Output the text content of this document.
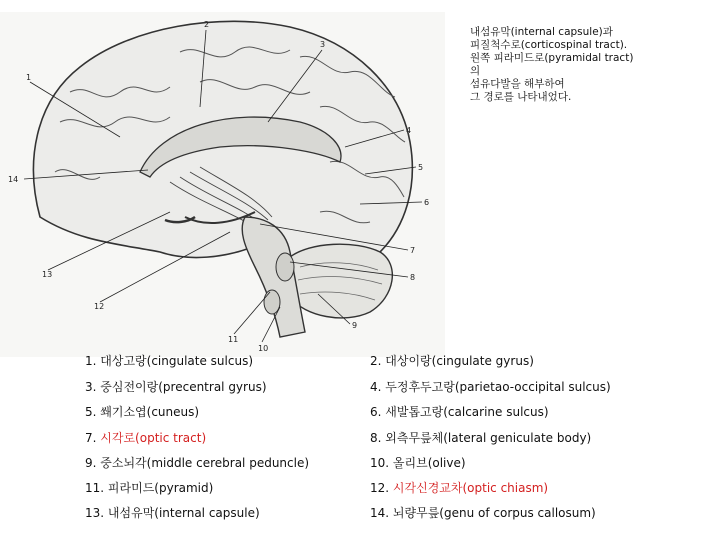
1
2
3
4
5
6
7
8
9
10
11
12
13
14
내섬유막(internal capsule)과
피질척수로(corticospinal tract).
원쪽 피라미드로(pyramidal tract)
의
섬유다발을 해부하여
그 경로를 나타내었다.
1. 대상고랑(cingulate sulcus)	2. 대상이랑(cingulate gyrus)
3. 중심전이랑(precentral gyrus)	4. 두정후두고랑(parietao-occipital sulcus)
5. 쐐기소엽(cuneus)	6. 새발톱고랑(calcarine sulcus)
7. 시각로(optic tract)	8. 외측무릎체(lateral geniculate body)
9. 중소뇌각(middle cerebral peduncle)	10. 올리브(olive)
11. 피라미드(pyramid)	12. 시각신경교차(optic chiasm)
13. 내섬유막(internal capsule)	14. 뇌량무릎(genu of corpus callosum)
